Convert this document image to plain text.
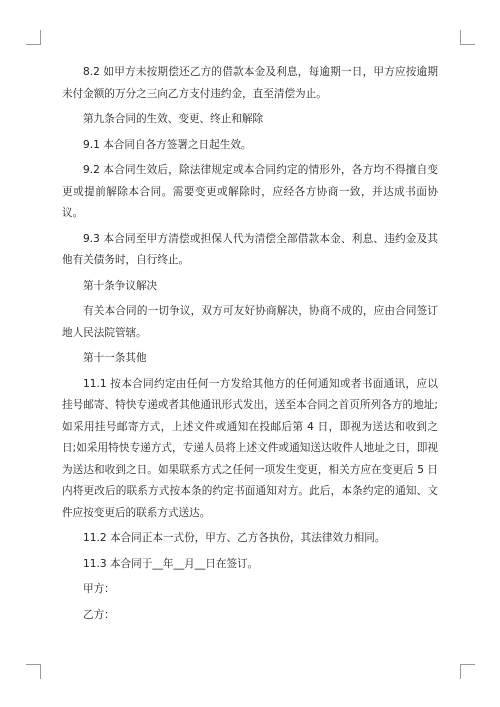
8.2 如甲方未按期偿还乙方的借款本金及利息，每逾期一日，甲方应按逾期未付金额的万分之三向乙方支付违约金，直至清偿为止。

第九条合同的生效、变更、终止和解除

9.1 本合同自各方签署之日起生效。

9.2 本合同生效后，除法律规定或本合同约定的情形外，各方均不得擅自变更或提前解除本合同。需要变更或解除时，应经各方协商一致，并达成书面协议。

9.3 本合同至甲方清偿或担保人代为清偿全部借款本金、利息、违约金及其他有关债务时，自行终止。

第十条争议解决

有关本合同的一切争议，双方可友好协商解决，协商不成的，应由合同签订地人民法院管辖。

第十一条其他

11.1 按本合同约定由任何一方发给其他方的任何通知或者书面通讯，应以挂号邮寄、特快专递或者其他通讯形式发出，送至本合同之首页所列各方的地址;如采用挂号邮寄方式，上述文件或通知在投邮后第 4 日，即视为送达和收到之日;如采用特快专递方式，专递人员将上述文件或通知送达收件人地址之日，即视为送达和收到之日。如果联系方式之任何一项发生变更，相关方应在变更后 5 日内将更改后的联系方式按本条的约定书面通知对方。此后，本条约定的通知、文件应按变更后的联系方式送达。

11.2 本合同正本一式份，甲方、乙方各执份，其法律效力相同。

11.3 本合同于__年__月__日在签订。

甲方：

乙方：
